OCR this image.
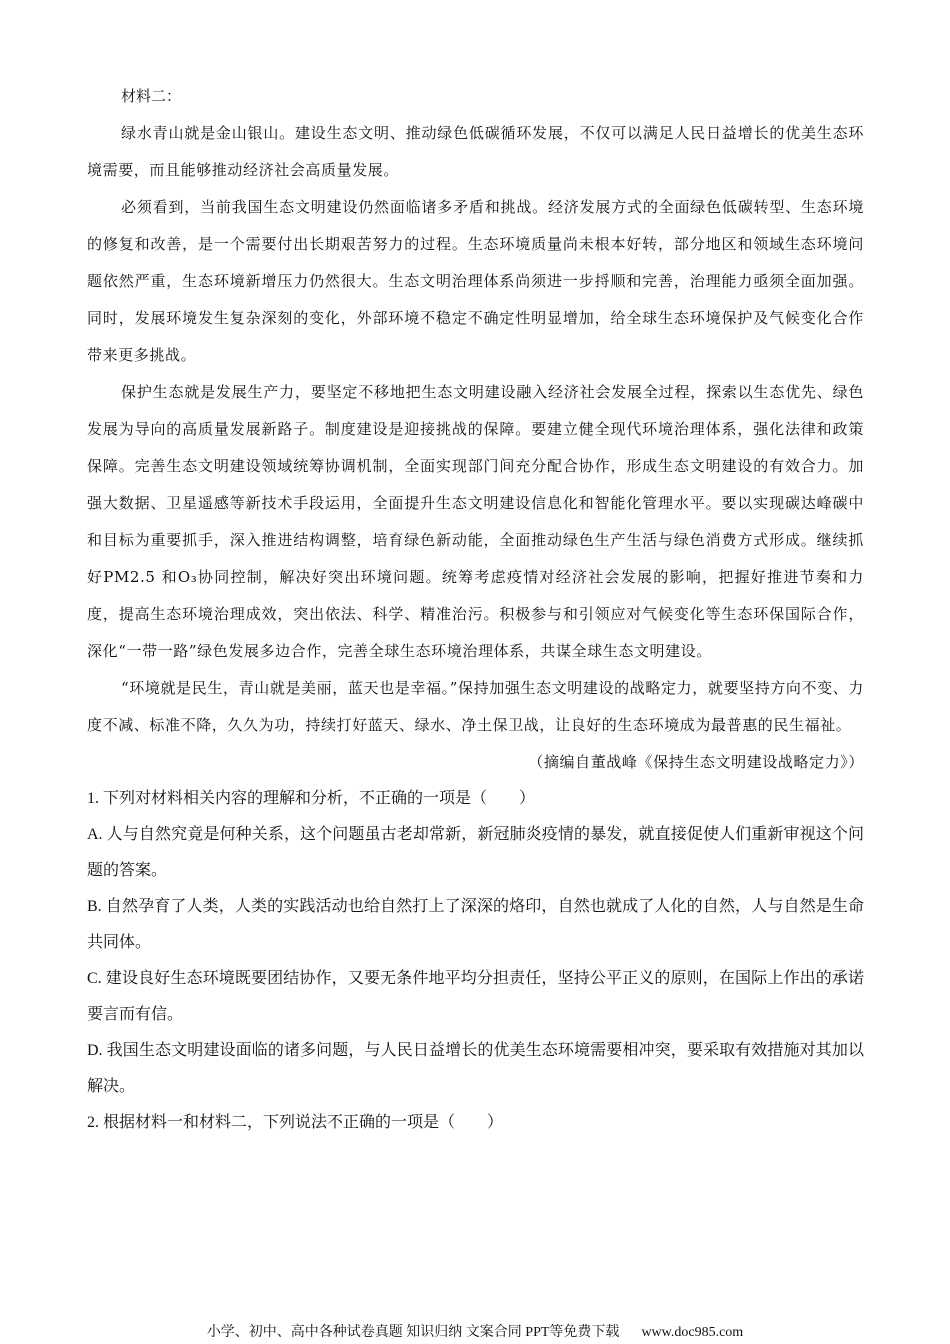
材料二：

绿水青山就是金山银山。建设生态文明、推动绿色低碳循环发展，不仅可以满足人民日益增长的优美生态环境需要，而且能够推动经济社会高质量发展。

必须看到，当前我国生态文明建设仍然面临诸多矛盾和挑战。经济发展方式的全面绿色低碳转型、生态环境的修复和改善，是一个需要付出长期艰苦努力的过程。生态环境质量尚未根本好转，部分地区和领域生态环境问题依然严重，生态环境新增压力仍然很大。生态文明治理体系尚须进一步捋顺和完善，治理能力亟须全面加强。同时，发展环境发生复杂深刻的变化，外部环境不稳定不确定性明显增加，给全球生态环境保护及气候变化合作带来更多挑战。

保护生态就是发展生产力，要坚定不移地把生态文明建设融入经济社会发展全过程，探索以生态优先、绿色发展为导向的高质量发展新路子。制度建设是迎接挑战的保障。要建立健全现代环境治理体系，强化法律和政策保障。完善生态文明建设领域统筹协调机制，全面实现部门间充分配合协作，形成生态文明建设的有效合力。加强大数据、卫星遥感等新技术手段运用，全面提升生态文明建设信息化和智能化管理水平。要以实现碳达峰碳中和目标为重要抓手，深入推进结构调整，培育绿色新动能，全面推动绿色生产生活与绿色消费方式形成。继续抓好PM2.5 和O₃协同控制，解决好突出环境问题。统筹考虑疫情对经济社会发展的影响，把握好推进节奏和力度，提高生态环境治理成效，突出依法、科学、精准治污。积极参与和引领应对气候变化等生态环保国际合作，深化“一带一路”绿色发展多边合作，完善全球生态环境治理体系，共谋全球生态文明建设。

“环境就是民生，青山就是美丽，蓝天也是幸福。”保持加强生态文明建设的战略定力，就要坚持方向不变、力度不减、标准不降，久久为功，持续打好蓝天、绿水、净土保卫战，让良好的生态环境成为最普惠的民生福祉。

（摘编自董战峰《保持生态文明建设战略定力》）

1. 下列对材料相关内容的理解和分析，不正确的一项是（　　）

A. 人与自然究竟是何种关系，这个问题虽古老却常新，新冠肺炎疫情的暴发，就直接促使人们重新审视这个问题的答案。

B. 自然孕育了人类，人类的实践活动也给自然打上了深深的烙印，自然也就成了人化的自然，人与自然是生命共同体。

C. 建设良好生态环境既要团结协作，又要无条件地平均分担责任，坚持公平正义的原则，在国际上作出的承诺要言而有信。

D. 我国生态文明建设面临的诸多问题，与人民日益增长的优美生态环境需要相冲突，要采取有效措施对其加以解决。

2. 根据材料一和材料二，下列说法不正确的一项是（　　）

小学、初中、高中各种试卷真题 知识归纳 文案合同 PPT等免费下载 www.doc985.com
